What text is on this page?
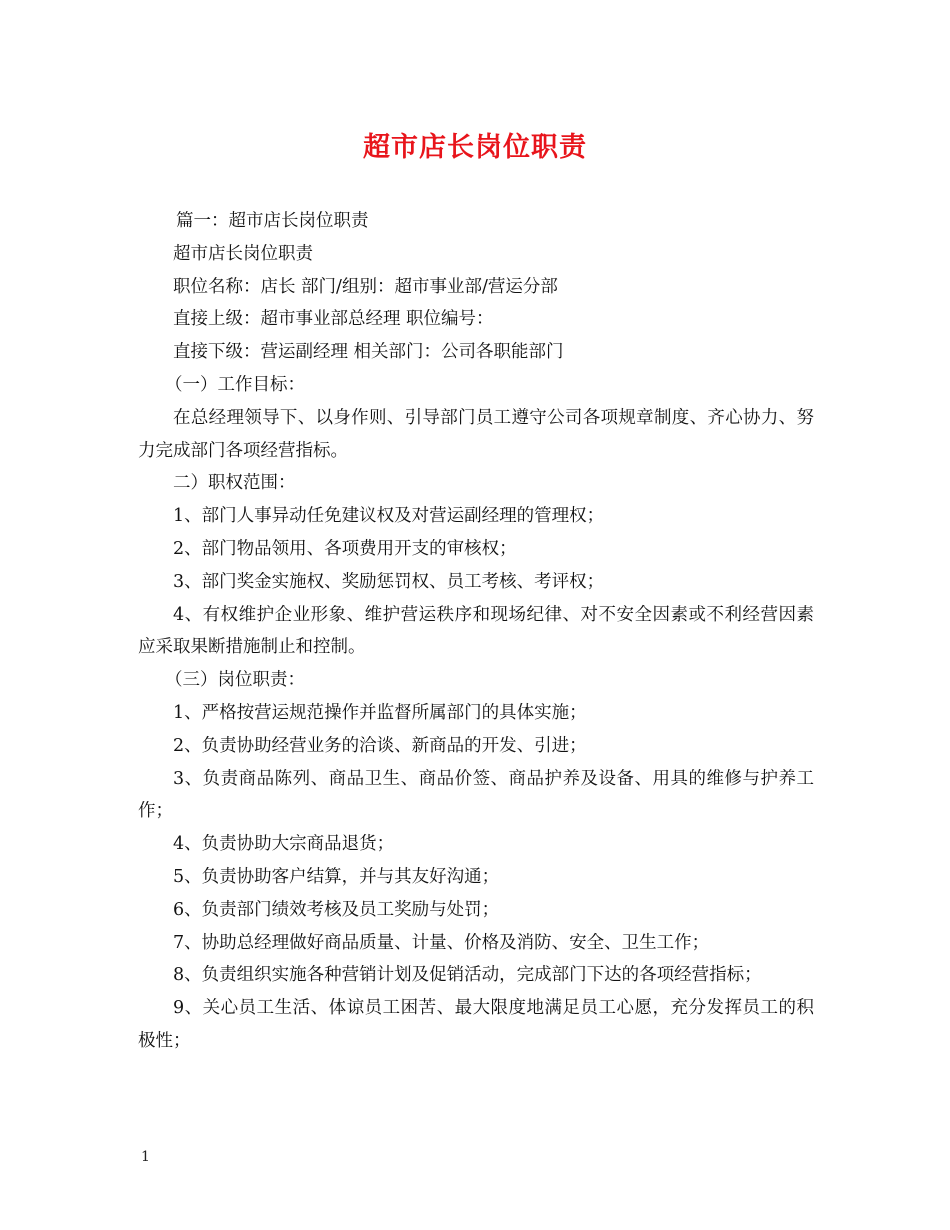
超市店长岗位职责

篇一：超市店长岗位职责

超市店长岗位职责

职位名称：店长 部门/组别：超市事业部/营运分部

直接上级：超市事业部总经理 职位编号：

直接下级：营运副经理 相关部门：公司各职能部门

（一）工作目标：

在总经理领导下、以身作则、引导部门员工遵守公司各项规章制度、齐心协力、努力完成部门各项经营指标。

二）职权范围：

1、部门人事异动任免建议权及对营运副经理的管理权；

2、部门物品领用、各项费用开支的审核权；

3、部门奖金实施权、奖励惩罚权、员工考核、考评权；

4、有权维护企业形象、维护营运秩序和现场纪律、对不安全因素或不利经营因素应采取果断措施制止和控制。

（三）岗位职责：

1、严格按营运规范操作并监督所属部门的具体实施；

2、负责协助经营业务的洽谈、新商品的开发、引进；

3、负责商品陈列、商品卫生、商品价签、商品护养及设备、用具的维修与护养工作；

4、负责协助大宗商品退货；

5、负责协助客户结算，并与其友好沟通；

6、负责部门绩效考核及员工奖励与处罚；

7、协助总经理做好商品质量、计量、价格及消防、安全、卫生工作；

8、负责组织实施各种营销计划及促销活动，完成部门下达的各项经营指标；

9、关心员工生活、体谅员工困苦、最大限度地满足员工心愿，充分发挥员工的积极性；

1
